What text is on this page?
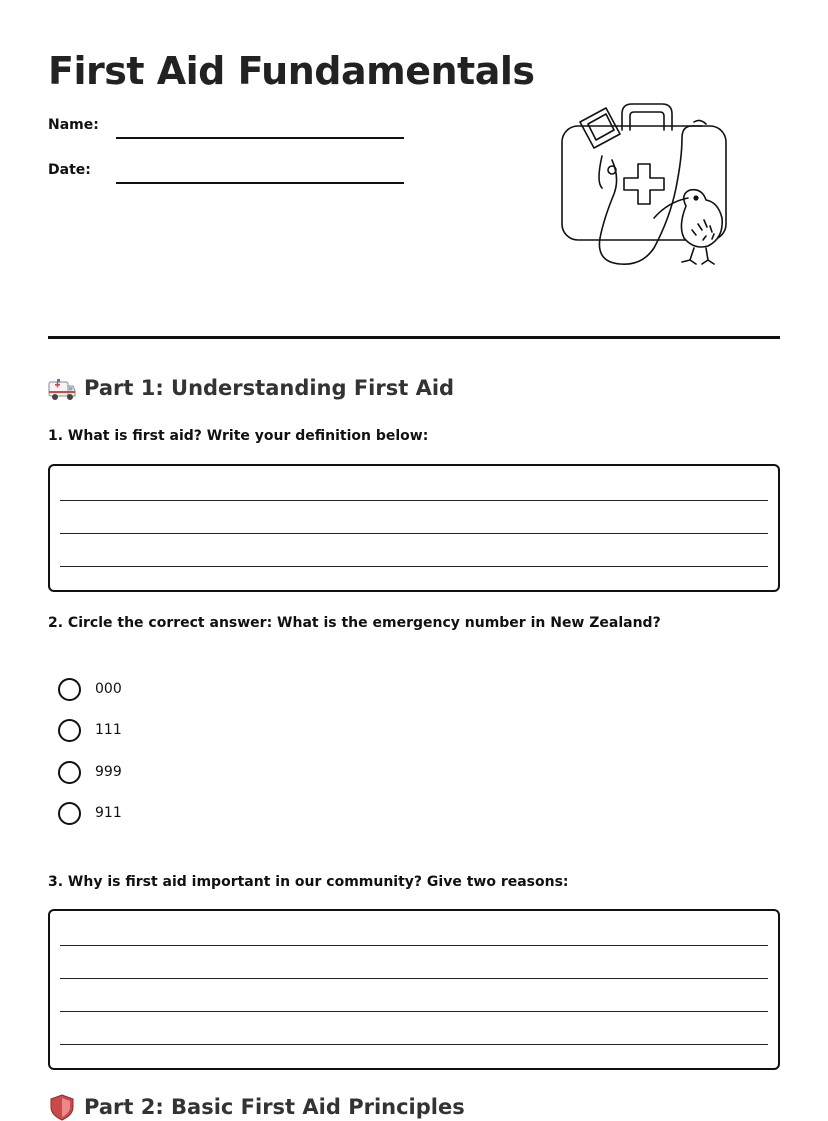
First Aid Fundamentals
Name:
Date:
Part 1: Understanding First Aid
1. What is first aid? Write your definition below:
2. Circle the correct answer: What is the emergency number in New Zealand?
000
111
999
911
3. Why is first aid important in our community? Give two reasons:
Part 2: Basic First Aid Principles
